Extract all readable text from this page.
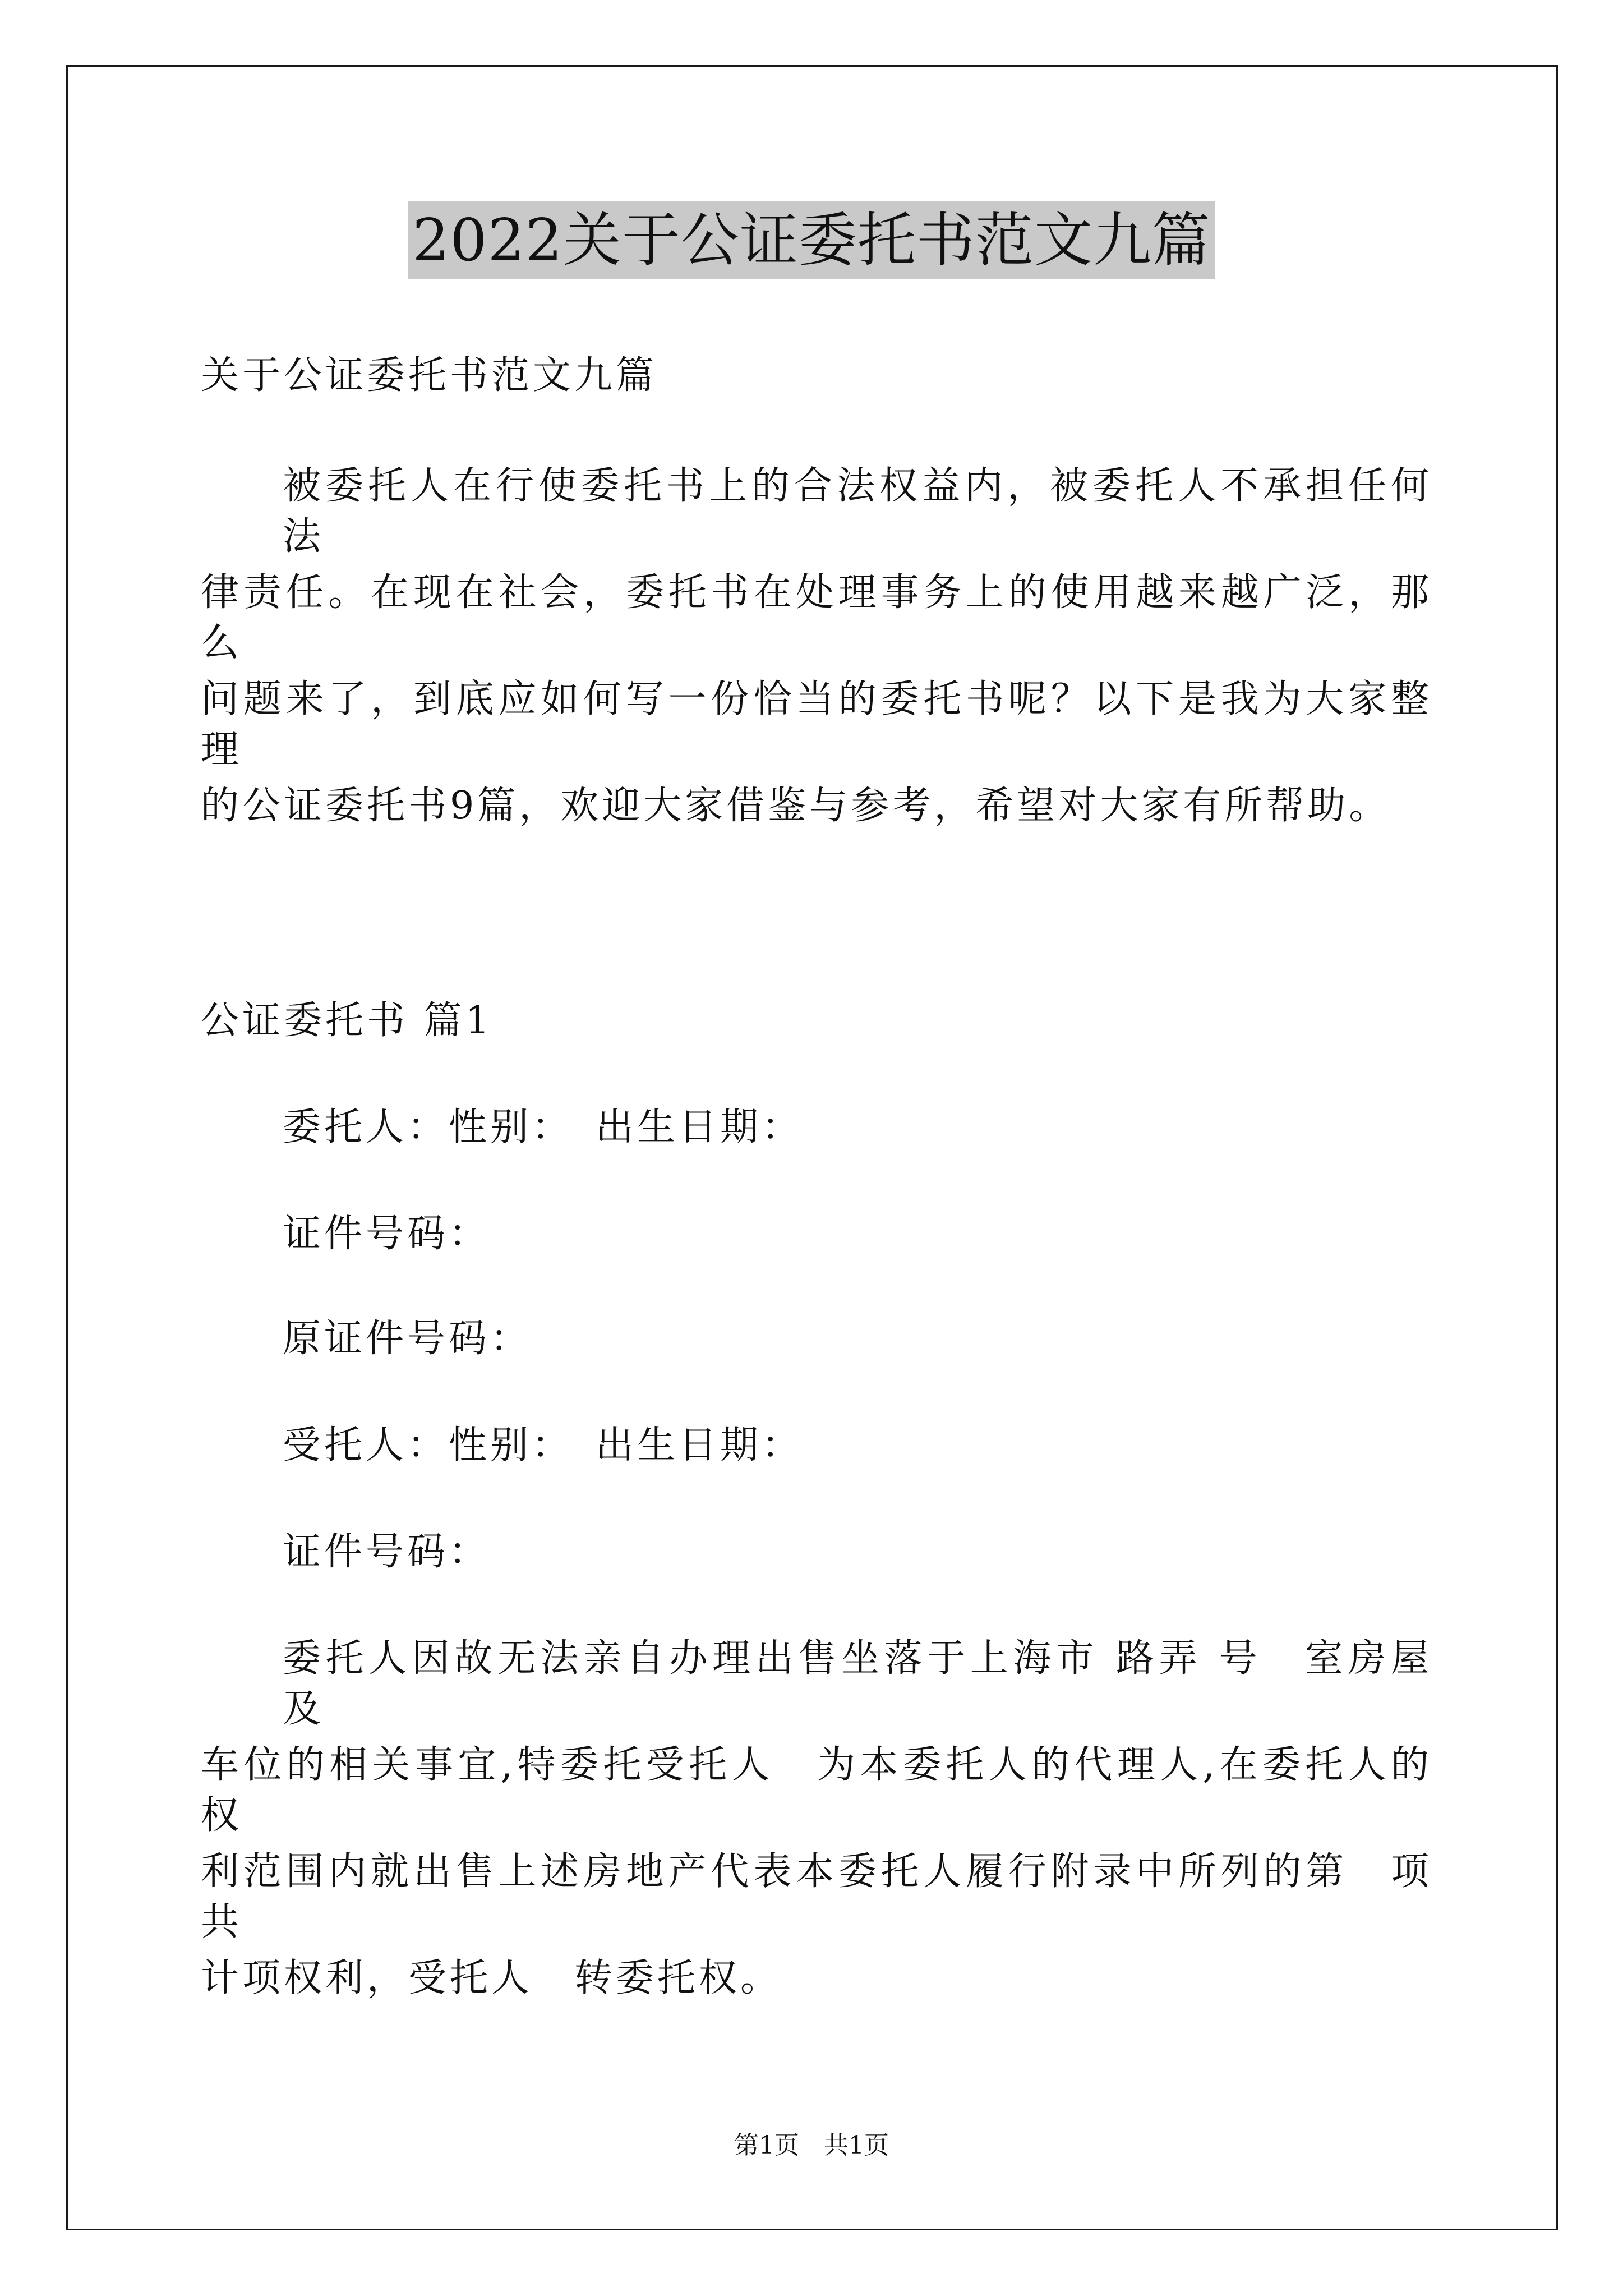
2022关于公证委托书范文九篇
关于公证委托书范文九篇
被委托人在行使委托书上的合法权益内，被委托人不承担任何法
律责任。在现在社会，委托书在处理事务上的使用越来越广泛，那么
问题来了，到底应如何写一份恰当的委托书呢？以下是我为大家整理
的公证委托书9篇，欢迎大家借鉴与参考，希望对大家有所帮助。
公证委托书 篇1
委托人：性别：　出生日期：
证件号码：
原证件号码：
受托人：性别：　出生日期：
证件号码：
委托人因故无法亲自办理出售坐落于上海市 路弄 号　室房屋及
车位的相关事宜,特委托受托人　为本委托人的代理人,在委托人的权
利范围内就出售上述房地产代表本委托人履行附录中所列的第　项共
计项权利，受托人　转委托权。
第1页　共1页
